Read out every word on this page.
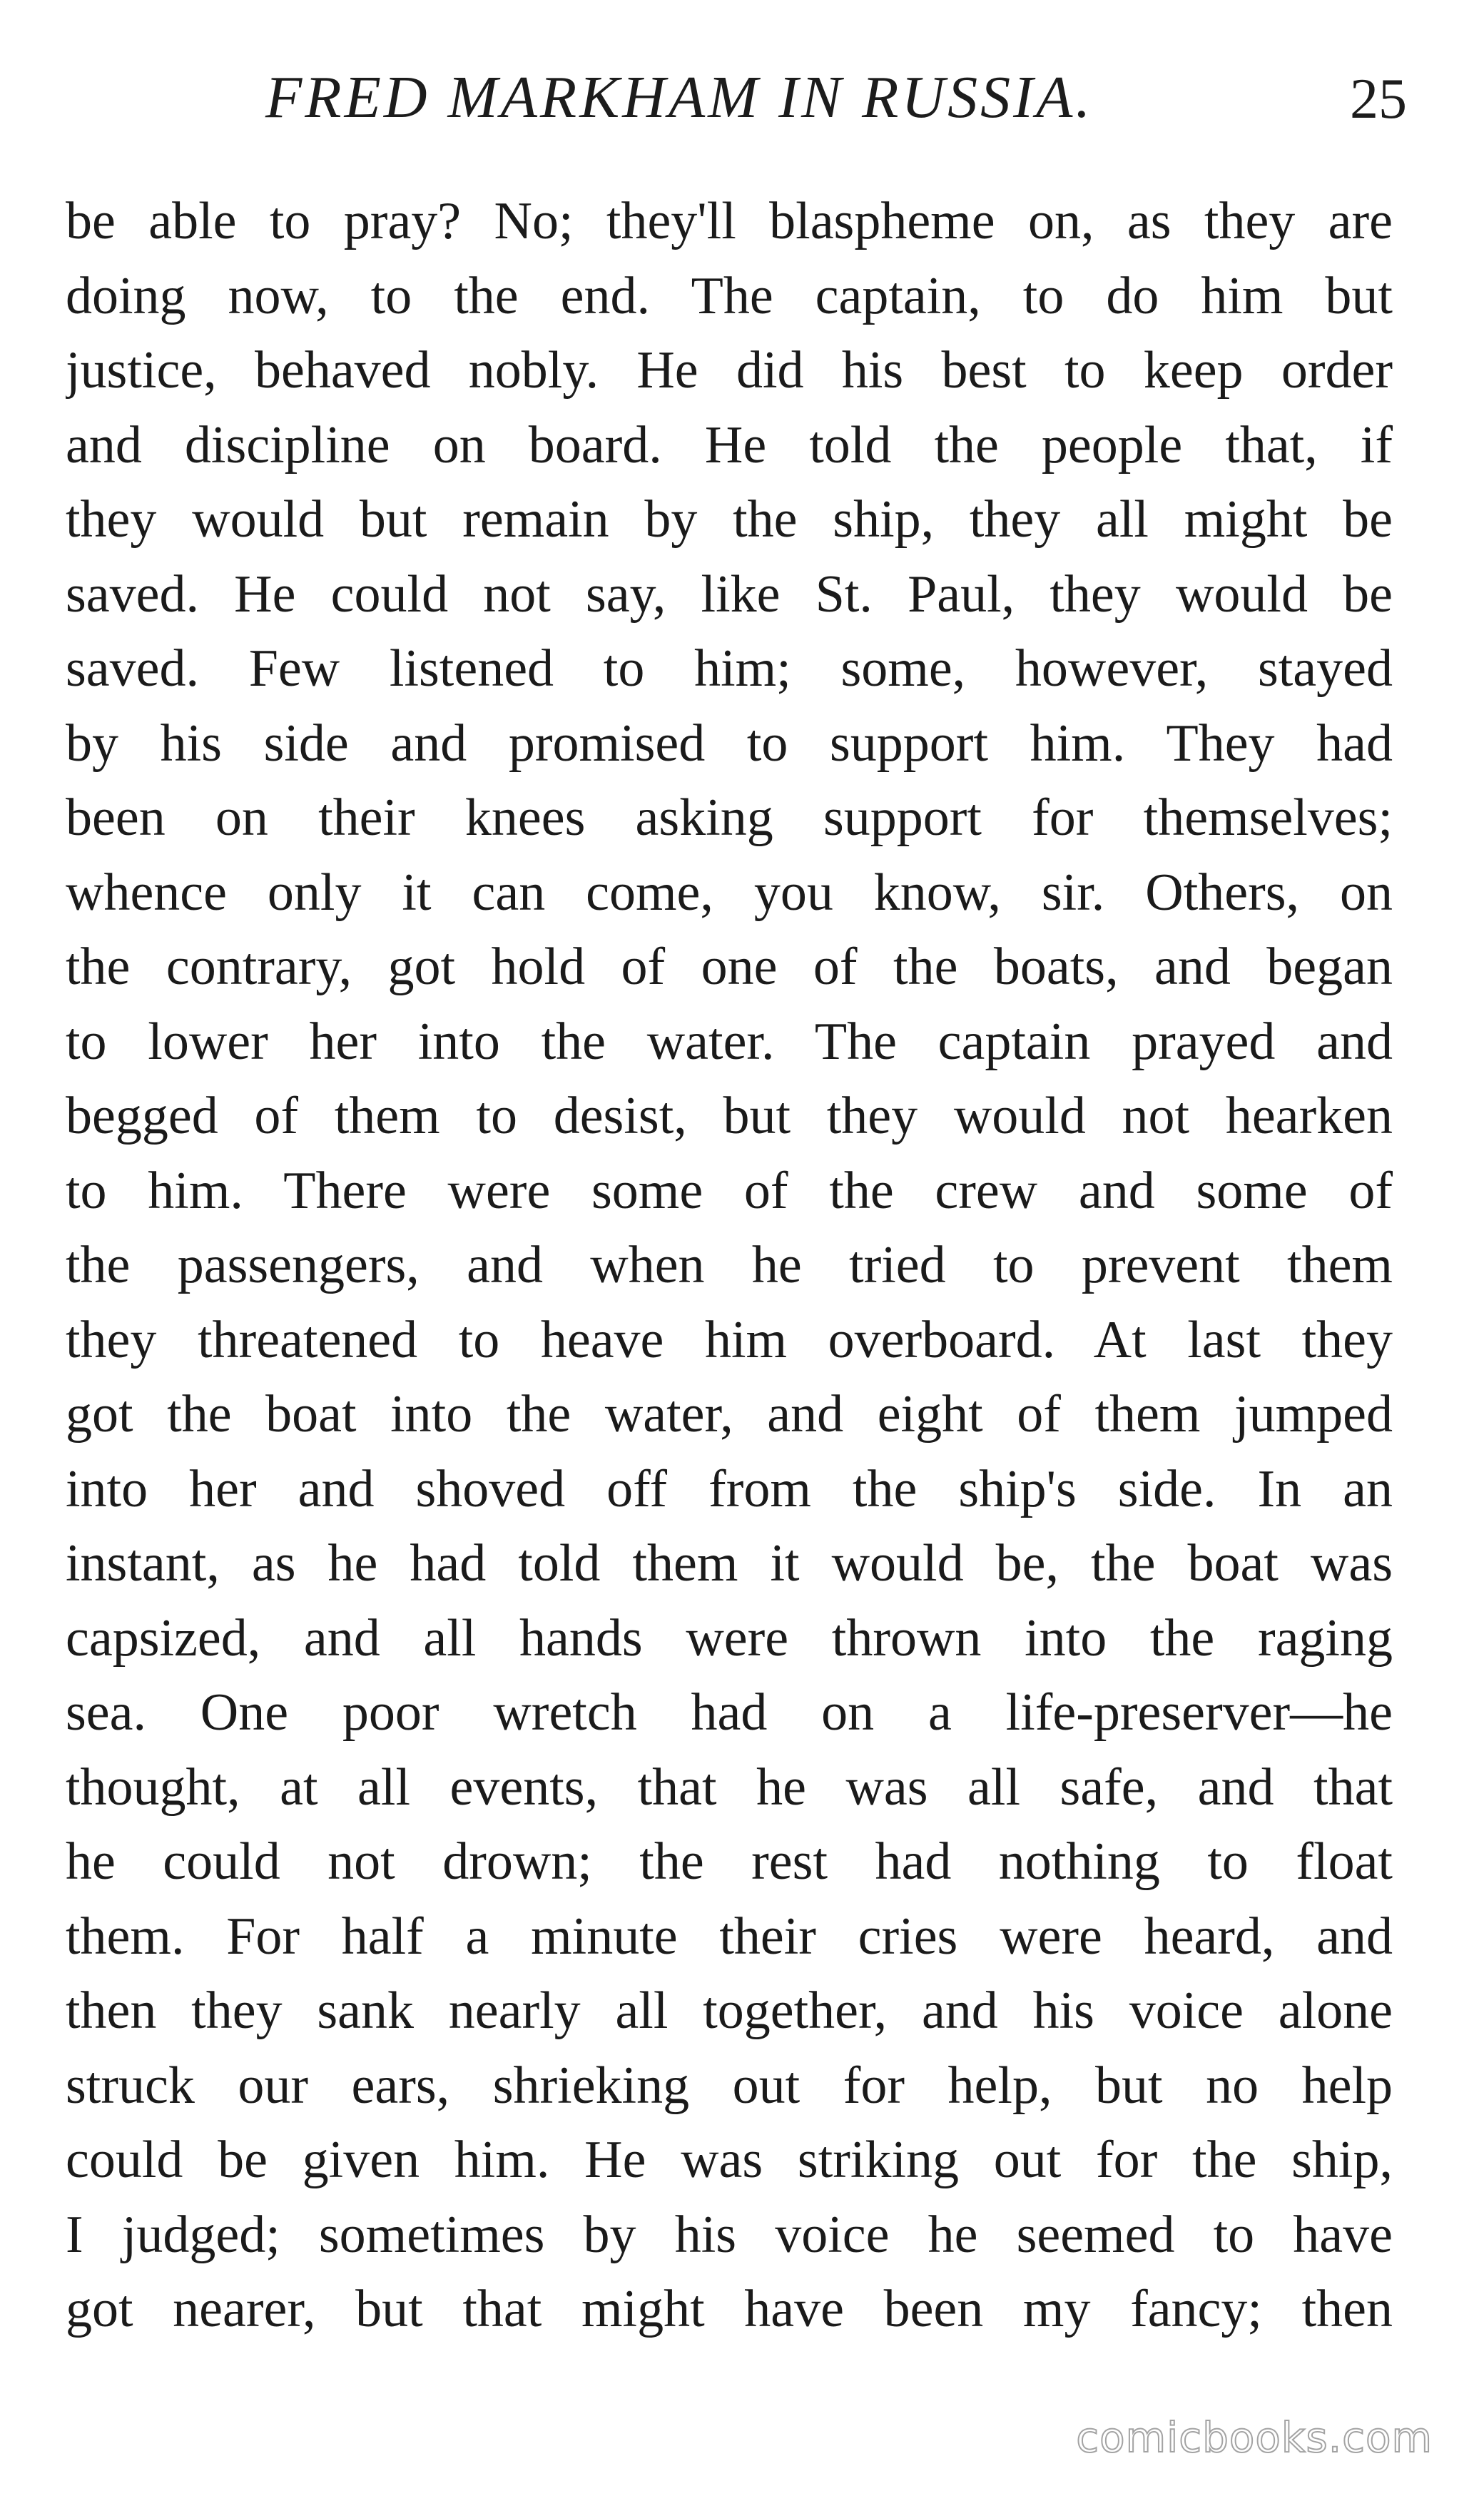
FRED MARKHAM IN RUSSIA.	25
be able to pray? No; they'll blaspheme on, as they are
doing now, to the end. The captain, to do him but
justice, behaved nobly. He did his best to keep order
and discipline on board. He told the people that, if
they would but remain by the ship, they all might be
saved. He could not say, like St. Paul, they would be
saved. Few listened to him; some, however, stayed
by his side and promised to support him. They had
been on their knees asking support for themselves;
whence only it can come, you know, sir. Others, on
the contrary, got hold of one of the boats, and began
to lower her into the water. The captain prayed and
begged of them to desist, but they would not hearken
to him. There were some of the crew and some of
the passengers, and when he tried to prevent them
they threatened to heave him overboard. At last they
got the boat into the water, and eight of them jumped
into her and shoved off from the ship's side. In an
instant, as he had told them it would be, the boat was
capsized, and all hands were thrown into the raging
sea. One poor wretch had on a life-preserver—he
thought, at all events, that he was all safe, and that
he could not drown; the rest had nothing to float
them. For half a minute their cries were heard, and
then they sank nearly all together, and his voice alone
struck our ears, shrieking out for help, but no help
could be given him. He was striking out for the ship,
I judged; sometimes by his voice he seemed to have
got nearer, but that might have been my fancy; then
comicbooks.com
